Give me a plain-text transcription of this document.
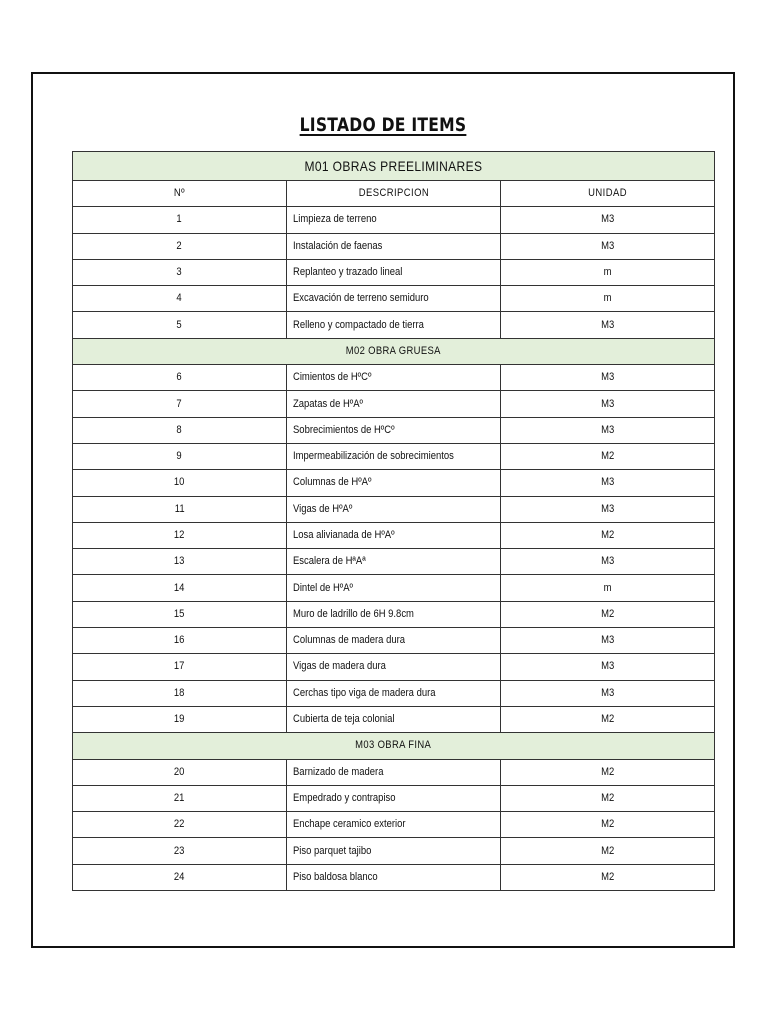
LISTADO DE ITEMS
M01 OBRAS PREELIMINARES		
Nº	DESCRIPCION	UNIDAD
1	Limpieza de terreno	M3
2	Instalación de faenas	M3
3	Replanteo y trazado lineal	m
4	Excavación de terreno semiduro	m
5	Relleno y compactado de tierra	M3
M02 OBRA GRUESA		
6	Cimientos de HºCº	M3
7	Zapatas de HºAº	M3
8	Sobrecimientos de HºCº	M3
9	Impermeabilización de sobrecimientos	M2
10	Columnas de HºAº	M3
11	Vigas de HºAº	M3
12	Losa alivianada de HºAº	M2
13	Escalera de HªAª	M3
14	Dintel de HºAº	m
15	Muro de ladrillo de 6H 9.8cm	M2
16	Columnas de madera dura	M3
17	Vigas de madera dura	M3
18	Cerchas tipo viga de madera dura	M3
19	Cubierta de teja colonial	M2
M03 OBRA FINA		
20	Barnizado de madera	M2
21	Empedrado y contrapiso	M2
22	Enchape ceramico exterior	M2
23	Piso parquet tajibo	M2
24	Piso baldosa blanco	M2
